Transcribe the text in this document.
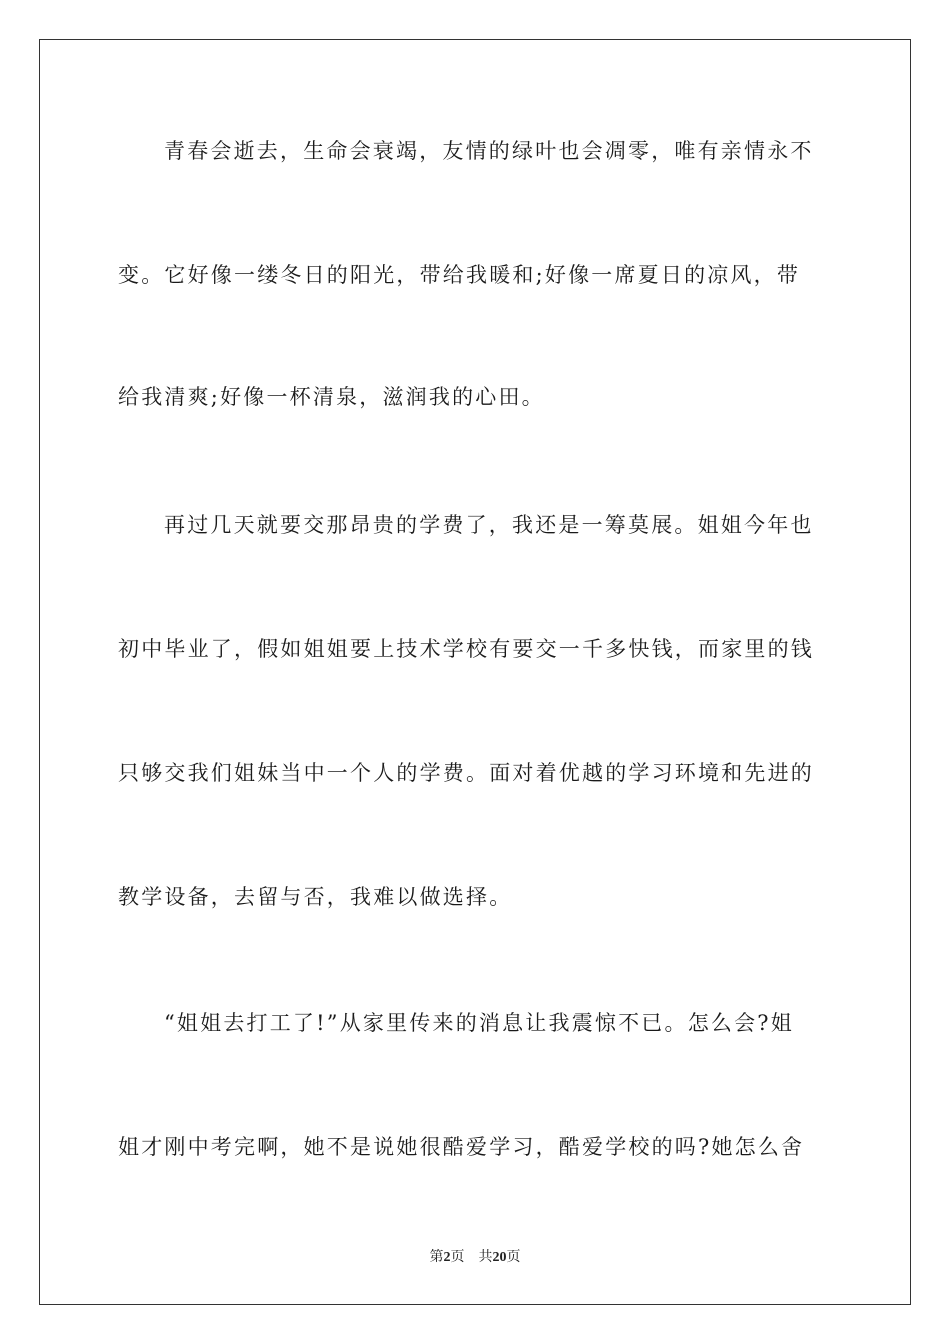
青春会逝去，生命会衰竭，友情的绿叶也会凋零，唯有亲情永不
变。它好像一缕冬日的阳光，带给我暖和;好像一席夏日的凉风，带
给我清爽;好像一杯清泉，滋润我的心田。
再过几天就要交那昂贵的学费了，我还是一筹莫展。姐姐今年也
初中毕业了，假如姐姐要上技术学校有要交一千多快钱，而家里的钱
只够交我们姐妹当中一个人的学费。面对着优越的学习环境和先进的
教学设备，去留与否，我难以做选择。
“姐姐去打工了!”从家里传来的消息让我震惊不已。怎么会?姐
姐才刚中考完啊，她不是说她很酷爱学习，酷爱学校的吗?她怎么舍
第2页 共20页
